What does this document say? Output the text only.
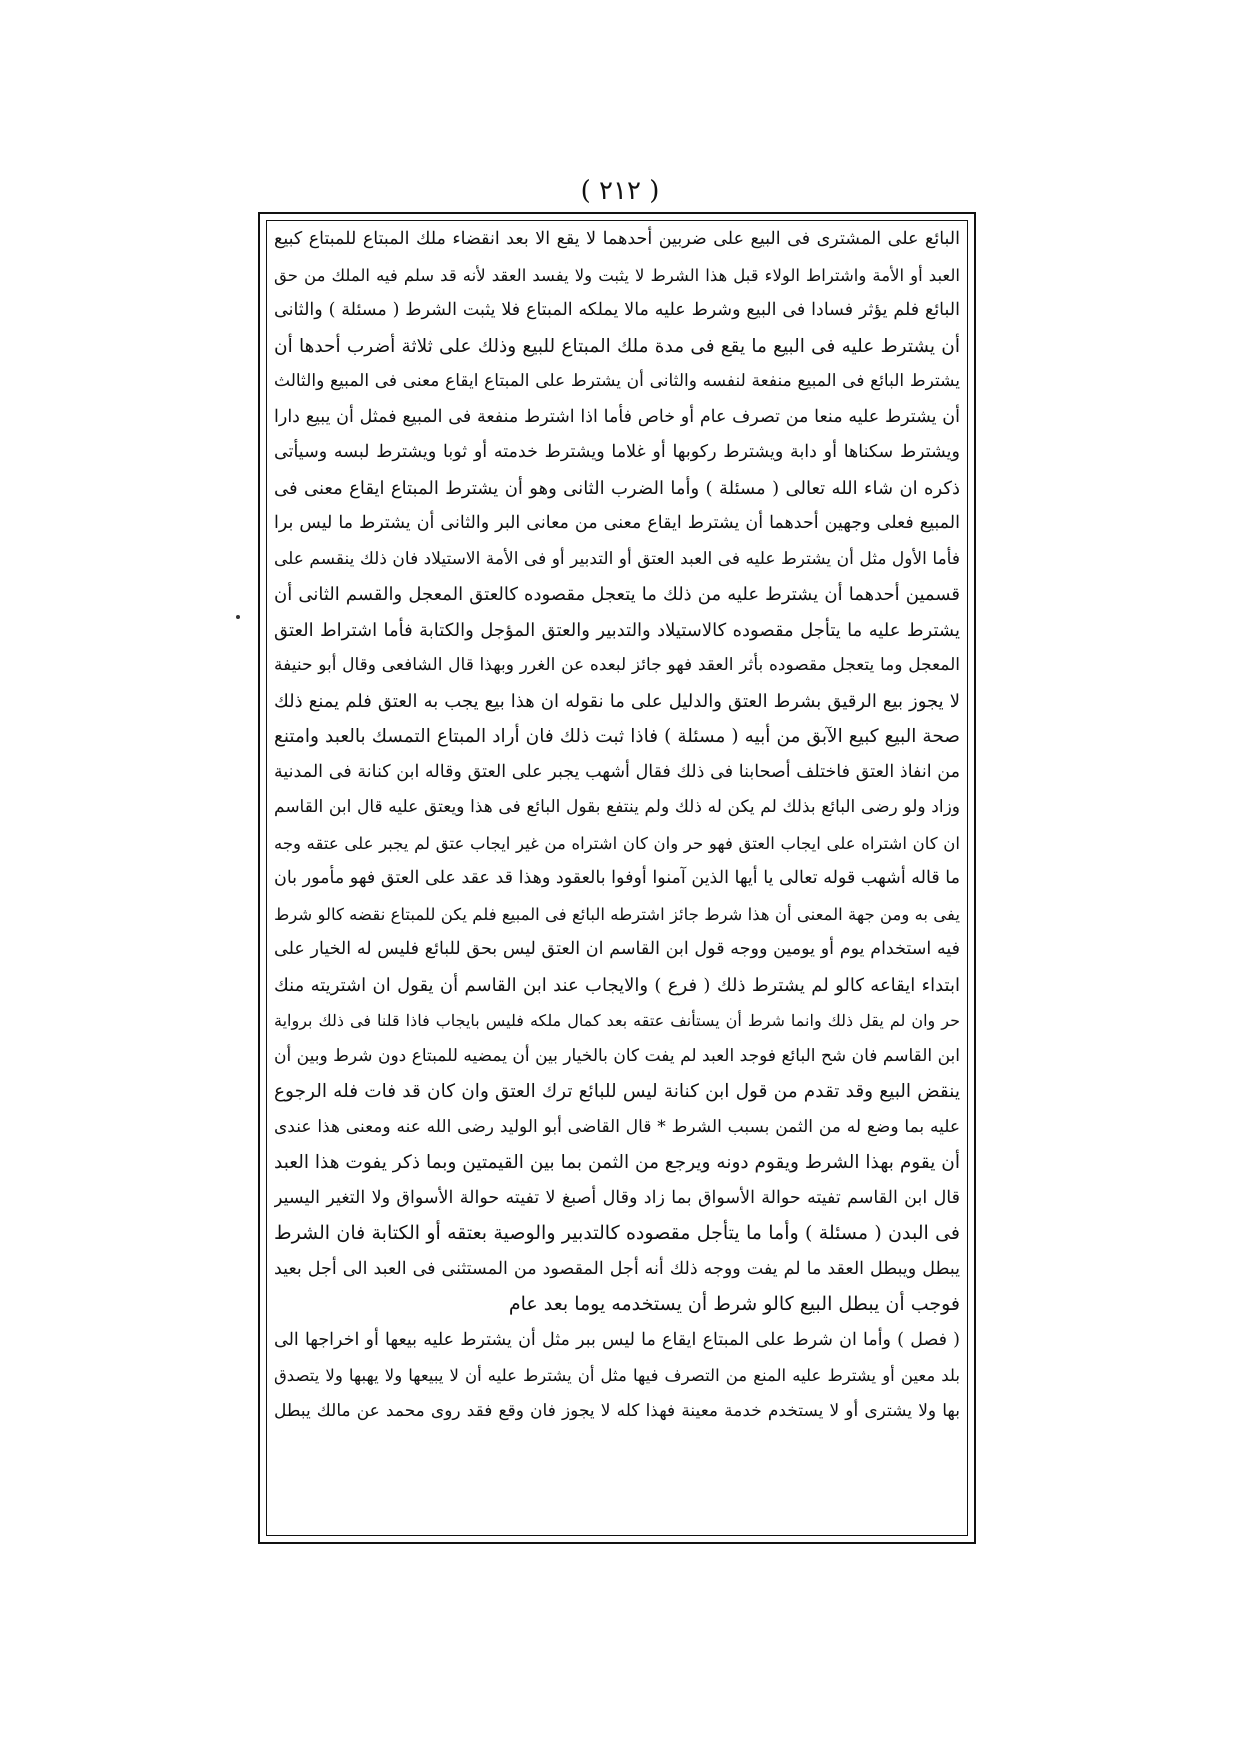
( ٢١٢ )
البائع على المشترى فى البيع على ضربين أحدهما لا يقع الا بعد انقضاء ملك المبتاع للمبتاع كبيع
العبد أو الأمة واشتراط الولاء قبل هذا الشرط لا يثبت ولا يفسد العقد لأنه قد سلم فيه الملك من حق
البائع فلم يؤثر فسادا فى البيع وشرط عليه مالا يملكه المبتاع فلا يثبت الشرط ( مسئلة ) والثانى
أن يشترط عليه فى البيع ما يقع فى مدة ملك المبتاع للبيع وذلك على ثلاثة أضرب أحدها أن
يشترط البائع فى المبيع منفعة لنفسه والثانى أن يشترط على المبتاع ايقاع معنى فى المبيع والثالث
أن يشترط عليه منعا من تصرف عام أو خاص فأما اذا اشترط منفعة فى المبيع فمثل أن يبيع دارا
ويشترط سكناها أو دابة ويشترط ركوبها أو غلاما ويشترط خدمته أو ثوبا ويشترط لبسه وسيأتى
ذكره ان شاء الله تعالى ( مسئلة ) وأما الضرب الثانى وهو أن يشترط المبتاع ايقاع معنى فى
المبيع فعلى وجهين أحدهما أن يشترط ايقاع معنى من معانى البر والثانى أن يشترط ما ليس برا
فأما الأول مثل أن يشترط عليه فى العبد العتق أو التدبير أو فى الأمة الاستيلاد فان ذلك ينقسم على
قسمين أحدهما أن يشترط عليه من ذلك ما يتعجل مقصوده كالعتق المعجل والقسم الثانى أن
يشترط عليه ما يتأجل مقصوده كالاستيلاد والتدبير والعتق المؤجل والكتابة فأما اشتراط العتق
المعجل وما يتعجل مقصوده بأثر العقد فهو جائز لبعده عن الغرر وبهذا قال الشافعى وقال أبو حنيفة
لا يجوز بيع الرقيق بشرط العتق والدليل على ما نقوله ان هذا بيع يجب به العتق فلم يمنع ذلك
صحة البيع كبيع الآبق من أبيه ( مسئلة ) فاذا ثبت ذلك فان أراد المبتاع التمسك بالعبد وامتنع
من انفاذ العتق فاختلف أصحابنا فى ذلك فقال أشهب يجبر على العتق وقاله ابن كنانة فى المدنية
وزاد ولو رضى البائع بذلك لم يكن له ذلك ولم ينتفع بقول البائع فى هذا ويعتق عليه قال ابن القاسم
ان كان اشتراه على ايجاب العتق فهو حر وان كان اشتراه من غير ايجاب عتق لم يجبر على عتقه وجه
ما قاله أشهب قوله تعالى يا أيها الذين آمنوا أوفوا بالعقود وهذا قد عقد على العتق فهو مأمور بان
يفى به ومن جهة المعنى أن هذا شرط جائز اشترطه البائع فى المبيع فلم يكن للمبتاع نقضه كالو شرط
فيه استخدام يوم أو يومين ووجه قول ابن القاسم ان العتق ليس بحق للبائع فليس له الخيار على
ابتداء ايقاعه كالو لم يشترط ذلك ( فرع ) والايجاب عند ابن القاسم أن يقول ان اشتريته منك
حر وان لم يقل ذلك وانما شرط أن يستأنف عتقه بعد كمال ملكه فليس بايجاب فاذا قلنا فى ذلك برواية
ابن القاسم فان شح البائع فوجد العبد لم يفت كان بالخيار بين أن يمضيه للمبتاع دون شرط وبين أن
ينقض البيع وقد تقدم من قول ابن كنانة ليس للبائع ترك العتق وان كان قد فات فله الرجوع
عليه بما وضع له من الثمن بسبب الشرط * قال القاضى أبو الوليد رضى الله عنه ومعنى هذا عندى
أن يقوم بهذا الشرط ويقوم دونه ويرجع من الثمن بما بين القيمتين وبما ذكر يفوت هذا العبد
قال ابن القاسم تفيته حوالة الأسواق بما زاد وقال أصبغ لا تفيته حوالة الأسواق ولا التغير اليسير
فى البدن ( مسئلة ) وأما ما يتأجل مقصوده كالتدبير والوصية بعتقه أو الكتابة فان الشرط
يبطل ويبطل العقد ما لم يفت ووجه ذلك أنه أجل المقصود من المستثنى فى العبد الى أجل بعيد
فوجب أن يبطل البيع كالو شرط أن يستخدمه يوما بعد عام
( فصل ) وأما ان شرط على المبتاع ايقاع ما ليس ببر مثل أن يشترط عليه بيعها أو اخراجها الى
بلد معين أو يشترط عليه المنع من التصرف فيها مثل أن يشترط عليه أن لا يبيعها ولا يهبها ولا يتصدق
بها ولا يشترى أو لا يستخدم خدمة معينة فهذا كله لا يجوز فان وقع فقد روى محمد عن مالك يبطل
